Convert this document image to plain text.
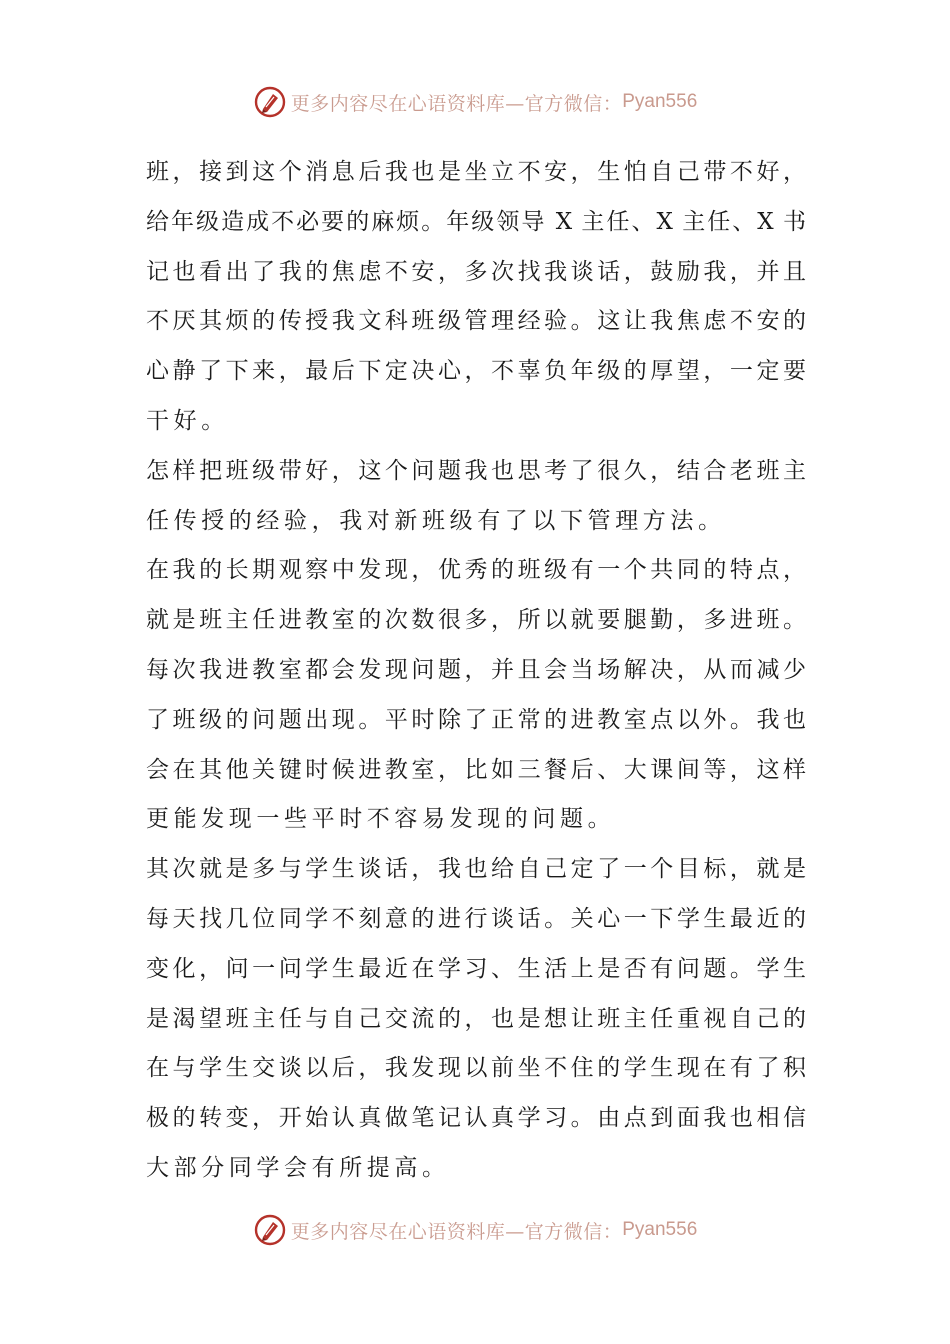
更多内容尽在心语资料库—官方微信： Pyan556
班，接到这个消息后我也是坐立不安，生怕自己带不好，
给年级造成不必要的麻烦。年级领导 X 主任、X 主任、X 书
记也看出了我的焦虑不安，多次找我谈话，鼓励我，并且
不厌其烦的传授我文科班级管理经验。这让我焦虑不安的
心静了下来，最后下定决心，不辜负年级的厚望，一定要
干好。
怎样把班级带好，这个问题我也思考了很久，结合老班主
任传授的经验，我对新班级有了以下管理方法。
在我的长期观察中发现，优秀的班级有一个共同的特点，
就是班主任进教室的次数很多，所以就要腿勤，多进班。
每次我进教室都会发现问题，并且会当场解决，从而减少
了班级的问题出现。平时除了正常的进教室点以外。我也
会在其他关键时候进教室，比如三餐后、大课间等，这样
更能发现一些平时不容易发现的问题。
其次就是多与学生谈话，我也给自己定了一个目标，就是
每天找几位同学不刻意的进行谈话。关心一下学生最近的
变化，问一问学生最近在学习、生活上是否有问题。学生
是渴望班主任与自己交流的，也是想让班主任重视自己的
在与学生交谈以后，我发现以前坐不住的学生现在有了积
极的转变，开始认真做笔记认真学习。由点到面我也相信
大部分同学会有所提高。
更多内容尽在心语资料库—官方微信： Pyan556
